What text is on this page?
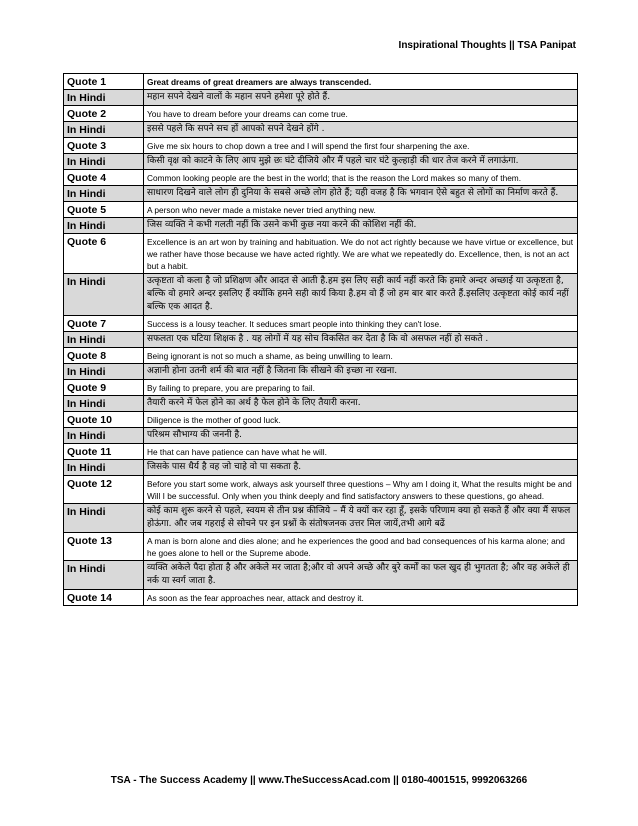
Inspirational Thoughts || TSA Panipat
Quote 1	Great dreams of great dreamers are always transcended.
In Hindi	महान सपने देखने वालों के महान सपने हमेशा पूरे होते हैं.
Quote 2	You have to dream before your dreams can come true.
In Hindi	इससे पहले कि सपने सच हों आपको सपने देखने होंगे .
Quote 3	Give me six hours to chop down a tree and I will spend the first four sharpening the axe.
In Hindi	किसी वृक्ष को काटने के लिए आप मुझे छः घंटे दीजिये और मैं पहले चार घंटे कुल्हाड़ी की धार तेज करने में लगाऊंगा.
Quote 4	Common looking people are the best in the world; that is the reason the Lord makes so many of them.
In Hindi	साधारण दिखने वाले लोग ही दुनिया के सबसे अच्छे लोग होते हैं; यही वजह है कि भगवान ऐसे बहुत से लोगों का निर्माण करते हैं.
Quote 5	A person who never made a mistake never tried anything new.
In Hindi	जिस व्यक्ति ने कभी गलती नहीं कि उसने कभी कुछ नया करने की कोशिश नहीं की.
Quote 6	Excellence is an art won by training and habituation. We do not act rightly because we have virtue or excellence, but we rather have those because we have acted rightly. We are what we repeatedly do. Excellence, then, is not an act but a habit.
In Hindi	उत्कृष्टता वो कला है जो प्रशिक्षण और आदत से आती है.हम इस लिए सही कार्य नहीं करते कि हमारे अन्दर अच्छाई या उत्कृष्टता है, बल्कि वो हमारे अन्दर इसलिए हैं क्योंकि हमने सही कार्य किया है.हम वो हैं जो हम बार बार करते हैं.इसलिए उत्कृष्टता कोई कार्य नहीं बल्कि एक आदत है.
Quote 7	Success is a lousy teacher. It seduces smart people into thinking they can't lose.
In Hindi	सफलता एक घटिया शिक्षक है . यह लोगों में यह सोच विकसित कर देता है कि वो असफल नहीं हो सकते .
Quote 8	Being ignorant is not so much a shame, as being unwilling to learn.
In Hindi	अज्ञानी होना उतनी शर्म की बात नहीं है जितना कि सीखने की इच्छा ना रखना.
Quote 9	By failing to prepare, you are preparing to fail.
In Hindi	तैयारी करने में फेल होने का अर्थ है फेल होने के लिए तैयारी करना.
Quote 10	Diligence is the mother of good luck.
In Hindi	परिश्रम सौभाग्य की जननी है.
Quote 11	He that can have patience can have what he will.
In Hindi	जिसके पास धैर्य है वह जो चाहे वो पा सकता है.
Quote 12	Before you start some work, always ask yourself three questions – Why am I doing it, What the results might be and Will I be successful. Only when you think deeply and find satisfactory answers to these questions, go ahead.
In Hindi	कोई काम शुरू करने से पहले, स्वयम से तीन प्रश्न कीजिये – मैं ये क्यों कर रहा हूँ, इसके परिणाम क्या हो सकते हैं और क्या मैं सफल होऊंगा. और जब गहराई से सोचने पर इन प्रश्नों के संतोषजनक उत्तर मिल जायें,तभी आगे बढें
Quote 13	A man is born alone and dies alone; and he experiences the good and bad consequences of his karma alone; and he goes alone to hell or the Supreme abode.
In Hindi	व्यक्ति अकेले पैदा होता है और अकेले मर जाता है;और वो अपने अच्छे और बुरे कर्मों का फल खुद ही भुगतता है; और वह अकेले ही नर्क या स्वर्ग जाता है.
Quote 14	As soon as the fear approaches near, attack and destroy it.
TSA - The Success Academy || www.TheSuccessAcad.com || 0180-4001515, 9992063266
